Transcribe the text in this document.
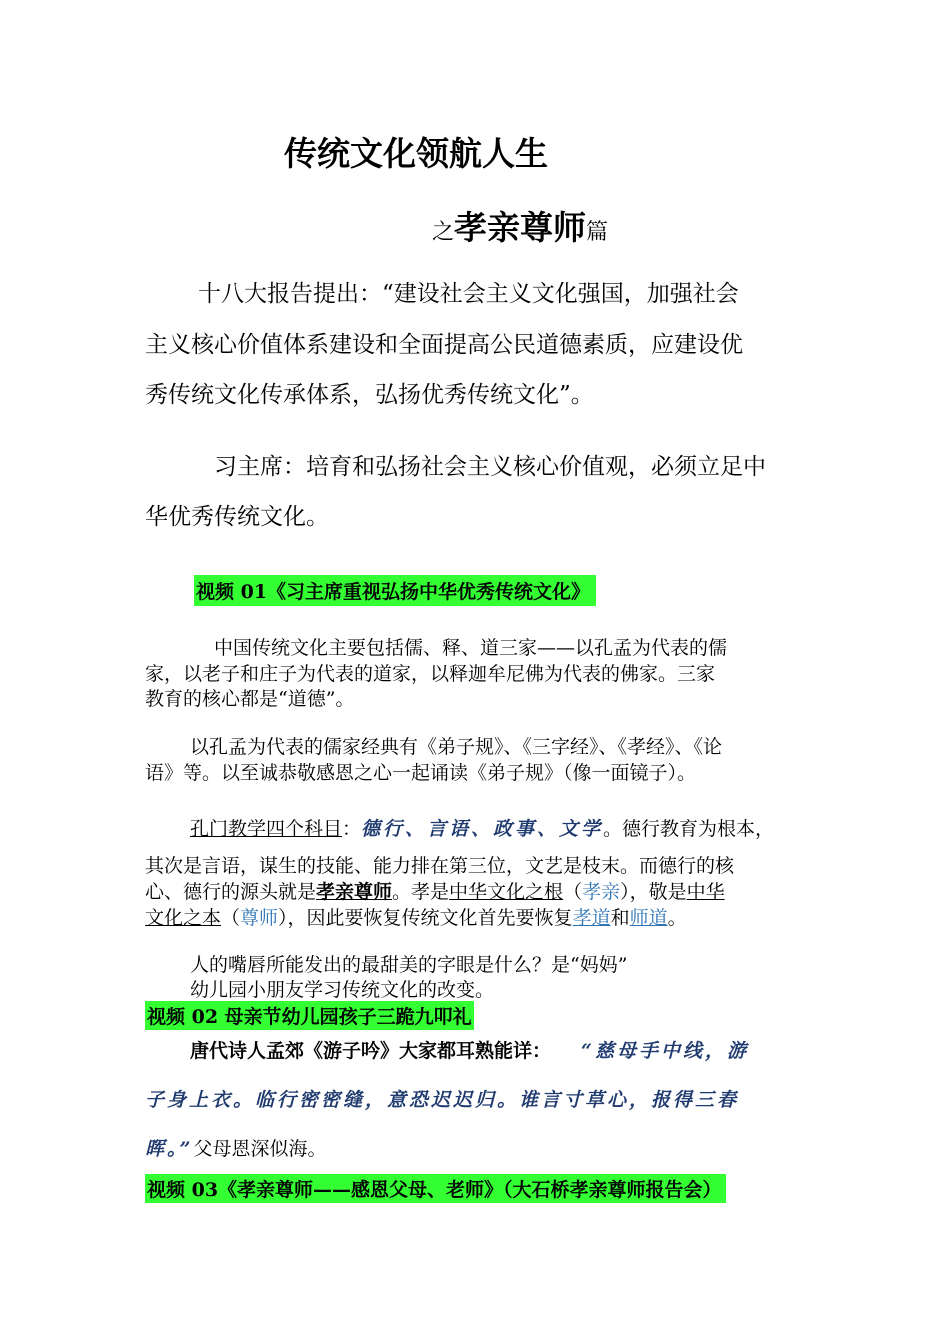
传统文化领航人生
之孝亲尊师篇
十八大报告提出：“建设社会主义文化强国，加强社会
主义核心价值体系建设和全面提高公民道德素质，应建设优
秀传统文化传承体系，弘扬优秀传统文化”。
习主席：培育和弘扬社会主义核心价值观，必须立足中
华优秀传统文化。
视频 01《习主席重视弘扬中华优秀传统文化》
中国传统文化主要包括儒、释、道三家——以孔孟为代表的儒
家，以老子和庄子为代表的道家，以释迦牟尼佛为代表的佛家。三家
教育的核心都是“道德”。
以孔孟为代表的儒家经典有《弟子规》、《三字经》、《孝经》、《论
语》等。以至诚恭敬感恩之心一起诵读《弟子规》（像一面镜子）。
孔门教学四个科目：德行、言语、政事、文学。德行教育为根本，
其次是言语，谋生的技能、能力排在第三位，文艺是枝末。而德行的核
心、德行的源头就是孝亲尊师。孝是中华文化之根（孝亲），敬是中华
文化之本（尊师），因此要恢复传统文化首先要恢复孝道和师道。
人的嘴唇所能发出的最甜美的字眼是什么？是“妈妈”
幼儿园小朋友学习传统文化的改变。
视频 02 母亲节幼儿园孩子三跪九叩礼
唐代诗人孟郊《游子吟》大家都耳熟能详： “慈母手中线，游
子身上衣。临行密密缝，意恐迟迟归。谁言寸草心，报得三春
晖。”父母恩深似海。
视频 03《孝亲尊师——感恩父母、老师》（大石桥孝亲尊师报告会）
